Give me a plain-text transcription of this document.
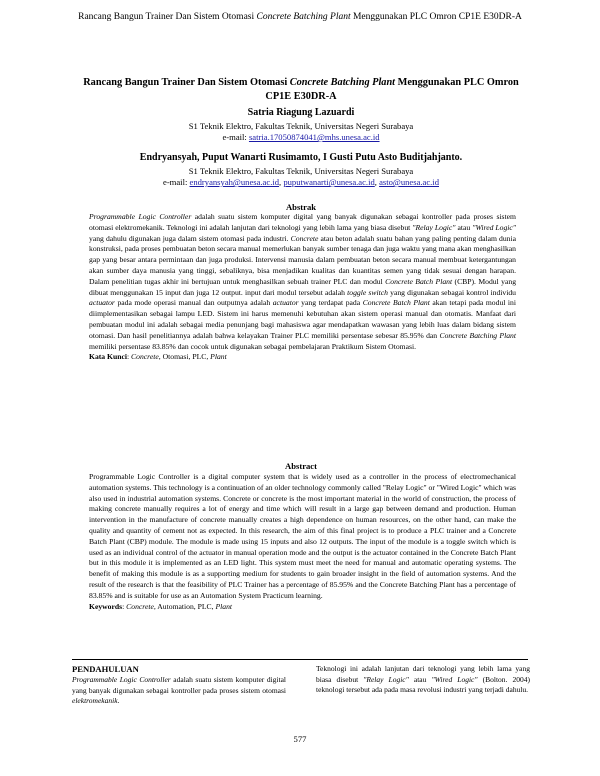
Rancang Bangun Trainer Dan Sistem Otomasi Concrete Batching Plant Menggunakan PLC Omron CP1E E30DR-A
Rancang Bangun Trainer Dan Sistem Otomasi Concrete Batching Plant Menggunakan PLC Omron CP1E E30DR-A
Satria Riagung Lazuardi
S1 Teknik Elektro, Fakultas Teknik, Universitas Negeri Surabaya
e-mail: satria.17050874041@mhs.unesa.ac.id
Endryansyah, Puput Wanarti Rusimamto, I Gusti Putu Asto Buditjahjanto.
S1 Teknik Elektro, Fakultas Teknik, Universitas Negeri Surabaya
e-mail: endryansyah@unesa.ac.id, puputwanarti@unesa.ac.id, asto@unesa.ac.id
Abstrak
Programmable Logic Controller adalah suatu sistem komputer digital yang banyak digunakan sebagai kontroller pada proses sistem otomasi elektromekanik. Teknologi ini adalah lanjutan dari teknologi yang lebih lama yang biasa disebut "Relay Logic" atau "Wired Logic" yang dahulu digunakan juga dalam sistem otomasi pada industri. Concrete atau beton adalah suatu bahan yang paling penting dalam dunia konstruksi, pada proses pembuatan beton secara manual memerlukan banyak sumber tenaga dan juga waktu yang mana akan menghasilkan gap yang besar antara permintaan dan juga produksi. Intervensi manusia dalam pembuatan beton secara manual membuat ketergantungan akan sumber daya manusia yang tinggi, sebaliknya, bisa menjadikan kualitas dan kuantitas semen yang tidak sesuai dengan harapan. Dalam penelitian tugas akhir ini bertujuan untuk menghasilkan sebuah trainer PLC dan modul Concrete Batch Plant (CBP). Modul yang dibuat menggunakan 15 input dan juga 12 output. input dari modul tersebut adalah toggle switch yang digunakan sebagai kontrol individu actuator pada mode operasi manual dan outputnya adalah actuator yang terdapat pada Concrete Batch Plant akan tetapi pada modul ini diimplementasikan sebagai lampu LED. Sistem ini harus memenuhi kebutuhan akan sistem operasi manual dan otomatis. Manfaat dari pembuatan modul ini adalah sebagai media penunjang bagi mahasiswa agar mendapatkan wawasan yang lebih luas dalam bidang sistem otomasi. Dan hasil penelitiannya adalah bahwa kelayakan Trainer PLC memiliki persentase sebesar 85.95% dan Concrete Batching Plant memiliki persentase 83.85% dan cocok untuk digunakan sebagai pembelajaran Praktikum Sistem Otomasi.
Kata Kunci: Concrete, Otomasi, PLC, Plant
Abstract
Programmable Logic Controller is a digital computer system that is widely used as a controller in the process of electromechanical automation systems. This technology is a continuation of an older technology commonly called "Relay Logic" or "Wired Logic" which was also used in industrial automation systems. Concrete or concrete is the most important material in the world of construction, the process of making concrete manually requires a lot of energy and time which will result in a large gap between demand and production. Human intervention in the manufacture of concrete manually creates a high dependence on human resources, on the other hand, can make the quality and quantity of cement not as expected. In this research, the aim of this final project is to produce a PLC trainer and a Concrete Batch Plant (CBP) module. The module is made using 15 inputs and also 12 outputs. The input of the module is a toggle switch which is used as an individual control of the actuator in manual operation mode and the output is the actuator contained in the Concrete Batch Plant but in this module it is implemented as an LED light. This system must meet the need for manual and automatic operating systems. The benefit of making this module is as a supporting medium for students to gain broader insight in the field of automation systems. And the result of the research is that the feasibility of PLC Trainer has a percentage of 85.95% and the Concrete Batching Plant has a percentage of 83.85% and is suitable for use as an Automation System Practicum learning.
Keywords: Concrete, Automation, PLC, Plant
PENDAHULUAN
Programmable Logic Controller adalah suatu sistem komputer digital yang banyak digunakan sebagai kontroller pada proses sistem otomasi elektromekanik.
Teknologi ini adalah lanjutan dari teknologi yang lebih lama yang biasa disebut "Relay Logic" atau "Wired Logic" (Bolton. 2004) teknologi tersebut ada pada masa revolusi industri yang terjadi dahulu.
577
